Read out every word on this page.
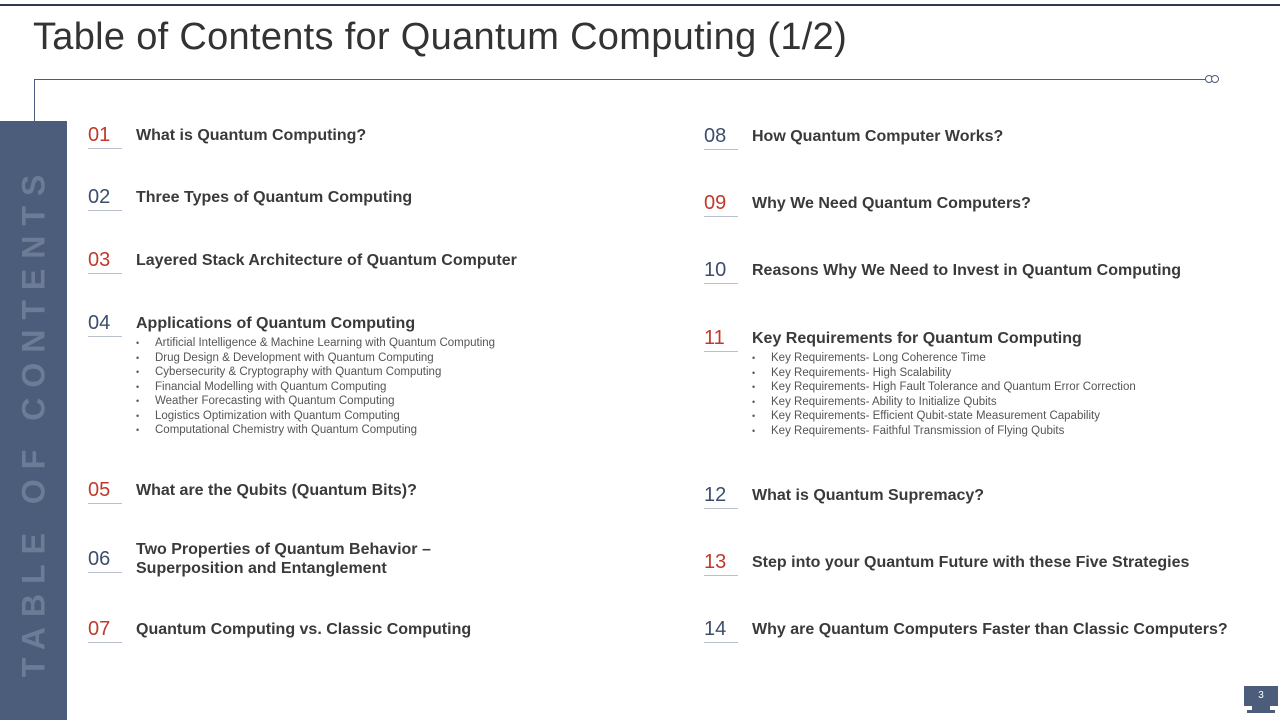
Table of Contents for Quantum Computing (1/2)
TABLE OF CONTENTS
01	What is Quantum Computing?
02	Three Types of Quantum Computing
03	Layered Stack Architecture of Quantum Computer
04	Applications of Quantum Computing
• Artificial Intelligence & Machine Learning with Quantum Computing
• Drug Design & Development with Quantum Computing
• Cybersecurity & Cryptography with Quantum Computing
• Financial Modelling with Quantum Computing
• Weather Forecasting with Quantum Computing
• Logistics Optimization with Quantum Computing
• Computational Chemistry with Quantum Computing
05	What are the Qubits (Quantum Bits)?
06	Two Properties of Quantum Behavior –
Superposition and Entanglement
07	Quantum Computing vs. Classic Computing
08	How Quantum Computer Works?
09	Why We Need Quantum Computers?
10	Reasons Why We Need to Invest in Quantum Computing
11	Key Requirements for Quantum Computing
• Key Requirements- Long Coherence Time
• Key Requirements- High Scalability
• Key Requirements- High Fault Tolerance and Quantum Error Correction
• Key Requirements- Ability to Initialize Qubits
• Key Requirements- Efficient Qubit-state Measurement Capability
• Key Requirements- Faithful Transmission of Flying Qubits
12	What is Quantum Supremacy?
13	Step into your Quantum Future with these Five Strategies
14	Why are Quantum Computers Faster than Classic Computers?
3
